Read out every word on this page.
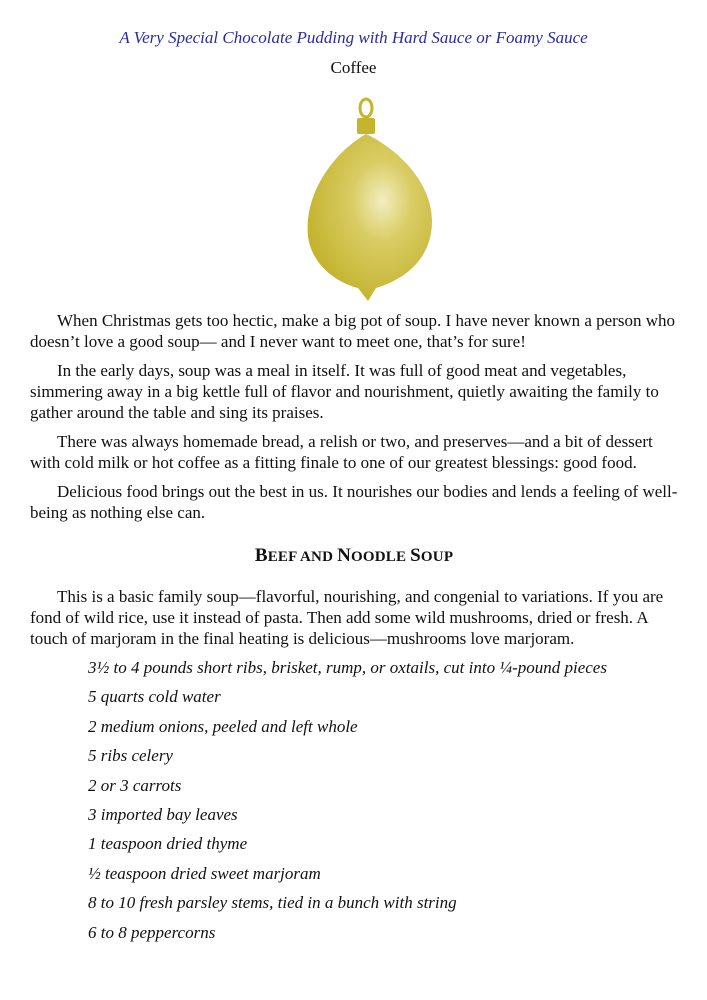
A Very Special Chocolate Pudding with Hard Sauce or Foamy Sauce
Coffee

When Christmas gets too hectic, make a big pot of soup. I have never known a person who doesn’t love a good soup— and I never want to meet one, that’s for sure!

In the early days, soup was a meal in itself. It was full of good meat and vegetables, simmering away in a big kettle full of flavor and nourishment, quietly awaiting the family to gather around the table and sing its praises.

There was always homemade bread, a relish or two, and preserves—and a bit of dessert with cold milk or hot coffee as a fitting finale to one of our greatest blessings: good food.

Delicious food brings out the best in us. It nourishes our bodies and lends a feeling of well-being as nothing else can.

BEEF AND NOODLE SOUP

This is a basic family soup—flavorful, nourishing, and congenial to variations. If you are fond of wild rice, use it instead of pasta. Then add some wild mushrooms, dried or fresh. A touch of marjoram in the final heating is delicious—mushrooms love marjoram.

3½ to 4 pounds short ribs, brisket, rump, or oxtails, cut into ¼-pound pieces
5 quarts cold water
2 medium onions, peeled and left whole
5 ribs celery
2 or 3 carrots
3 imported bay leaves
1 teaspoon dried thyme
½ teaspoon dried sweet marjoram
8 to 10 fresh parsley stems, tied in a bunch with string
6 to 8 peppercorns
